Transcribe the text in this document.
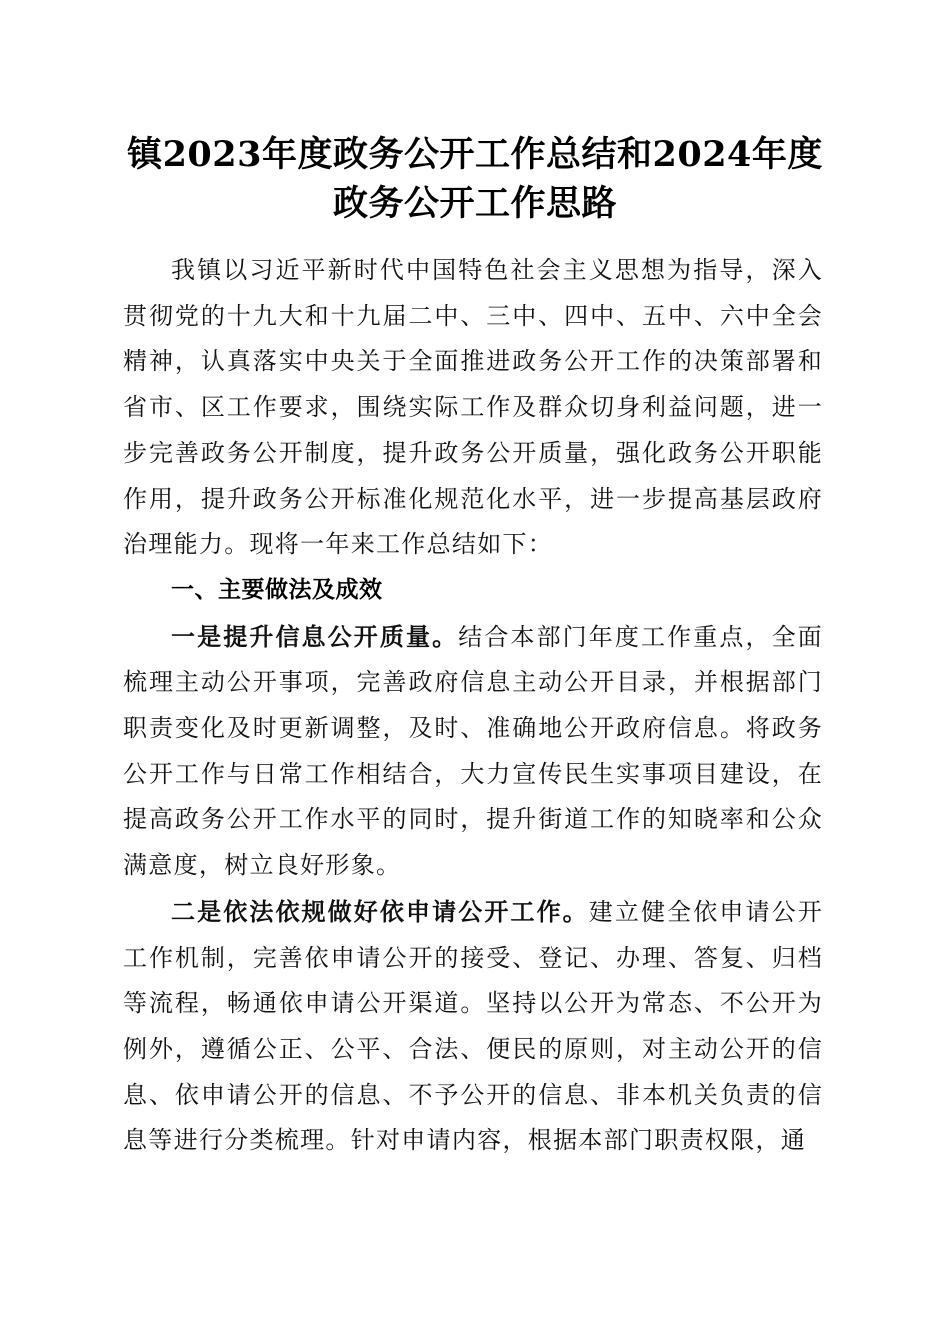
镇2023年度政务公开工作总结和2024年度政务公开工作思路

我镇以习近平新时代中国特色社会主义思想为指导，深入贯彻党的十九大和十九届二中、三中、四中、五中、六中全会精神，认真落实中央关于全面推进政务公开工作的决策部署和省市、区工作要求，围绕实际工作及群众切身利益问题，进一步完善政务公开制度，提升政务公开质量，强化政务公开职能作用，提升政务公开标准化规范化水平，进一步提高基层政府治理能力。现将一年来工作总结如下：

一、主要做法及成效

一是提升信息公开质量。结合本部门年度工作重点，全面梳理主动公开事项，完善政府信息主动公开目录，并根据部门职责变化及时更新调整，及时、准确地公开政府信息。将政务公开工作与日常工作相结合，大力宣传民生实事项目建设，在提高政务公开工作水平的同时，提升街道工作的知晓率和公众满意度，树立良好形象。

二是依法依规做好依申请公开工作。建立健全依申请公开工作机制，完善依申请公开的接受、登记、办理、答复、归档等流程，畅通依申请公开渠道。坚持以公开为常态、不公开为例外，遵循公正、公平、合法、便民的原则，对主动公开的信息、依申请公开的信息、不予公开的信息、非本机关负责的信息等进行分类梳理。针对申请内容，根据本部门职责权限，通
